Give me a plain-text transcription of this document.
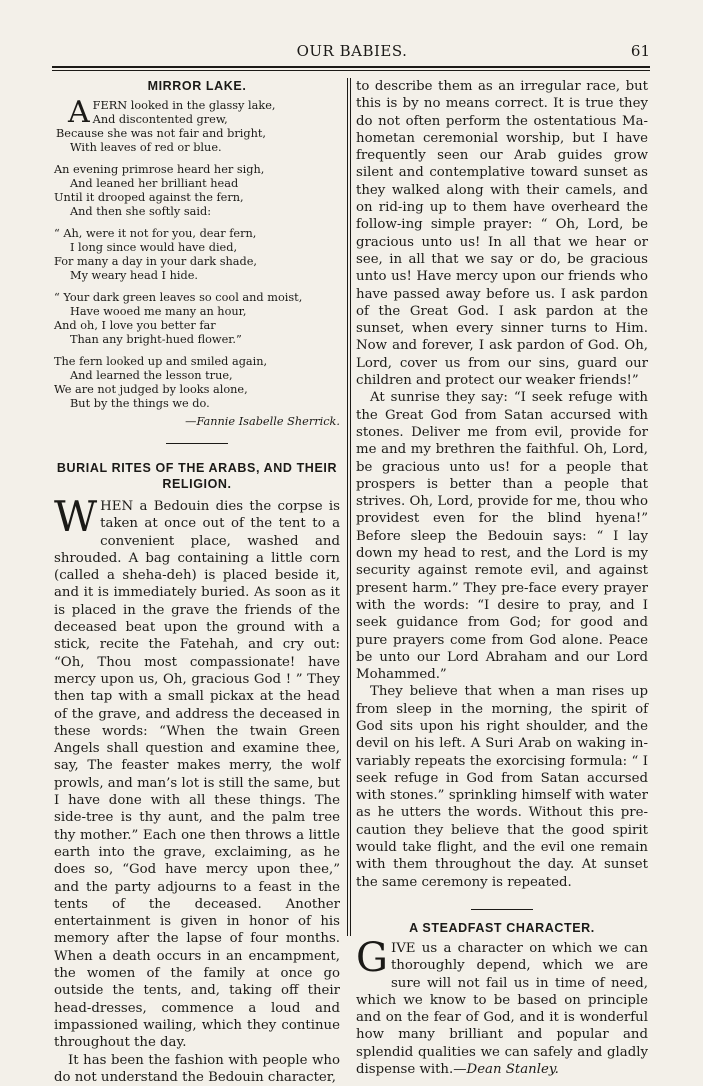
OUR BABIES.	61
MIRROR LAKE.
A FERN looked in the glassy lake,
And discontented grew,
Because she was not fair and bright,
With leaves of red or blue.
An evening primrose heard her sigh,
And leaned her brilliant head
Until it drooped against the fern,
And then she softly said:
“ Ah, were it not for you, dear fern,
I long since would have died,
For many a day in your dark shade,
My weary head I hide.
“ Your dark green leaves so cool and moist,
Have wooed me many an hour,
And oh, I love you better far
Than any bright-hued flower.”
The fern looked up and smiled again,
And learned the lesson true,
We are not judged by looks alone,
But by the things we do.
—Fannie Isabelle Sherrick.
BURIAL RITES OF THE ARABS, AND THEIR RELIGION.

WHEN a Bedouin dies the corpse is taken at once out of the tent to a convenient place, washed and shrouded. A bag containing a little corn (called a sheha-deh) is placed beside it, and it is immediately buried. As soon as it is placed in the grave the friends of the deceased beat upon the ground with a stick, recite the Fatehah, and cry out: “Oh, Thou most compassionate! have mercy upon us, Oh, gracious God ! ” They then tap with a small pickax at the head of the grave, and address the deceased in these words: “When the twain Green Angels shall question and examine thee, say, The feaster makes merry, the wolf prowls, and man’s lot is still the same, but I have done with all these things. The side-tree is thy aunt, and the palm tree thy mother.” Each one then throws a little earth into the grave, exclaiming, as he does so, “God have mercy upon thee,” and the party adjourns to a feast in the tents of the deceased. Another entertainment is given in honor of his memory after the lapse of four months. When a death occurs in an encampment, the women of the family at once go outside the tents, and, taking off their head-dresses, commence a loud and impassioned wailing, which they continue throughout the day.

It has been the fashion with people who do not understand the Bedouin character,

to describe them as an irregular race, but this is by no means correct. It is true they do not often perform the ostentatious Ma-hometan ceremonial worship, but I have frequently seen our Arab guides grow silent and contemplative toward sunset as they walked along with their camels, and on rid-ing up to them have overheard the follow-ing simple prayer: “ Oh, Lord, be gracious unto us! In all that we hear or see, in all that we say or do, be gracious unto us! Have mercy upon our friends who have passed away before us. I ask pardon of the Great God. I ask pardon at the sunset, when every sinner turns to Him. Now and forever, I ask pardon of God. Oh, Lord, cover us from our sins, guard our children and protect our weaker friends!”

At sunrise they say: “I seek refuge with the Great God from Satan accursed with stones. Deliver me from evil, provide for me and my brethren the faithful. Oh, Lord, be gracious unto us! for a people that prospers is better than a people that strives. Oh, Lord, provide for me, thou who providest even for the blind hyena!” Before sleep the Bedouin says: “ I lay down my head to rest, and the Lord is my security against remote evil, and against present harm.” They pre-face every prayer with the words: “I desire to pray, and I seek guidance from God; for good and pure prayers come from God alone. Peace be unto our Lord Abraham and our Lord Mohammed.”

They believe that when a man rises up from sleep in the morning, the spirit of God sits upon his right shoulder, and the devil on his left. A Suri Arab on waking in-variably repeats the exorcising formula: “ I seek refuge in God from Satan accursed with stones.” sprinkling himself with water as he utters the words. Without this pre-caution they believe that the good spirit would take flight, and the evil one remain with them throughout the day. At sunset the same ceremony is repeated.

A STEADFAST CHARACTER.

GIVE us a character on which we can thoroughly depend, which we are sure will not fail us in time of need, which we know to be based on principle and on the fear of God, and it is wonderful how many brilliant and popular and splendid qualities we can safely and gladly dispense with.—Dean Stanley.
